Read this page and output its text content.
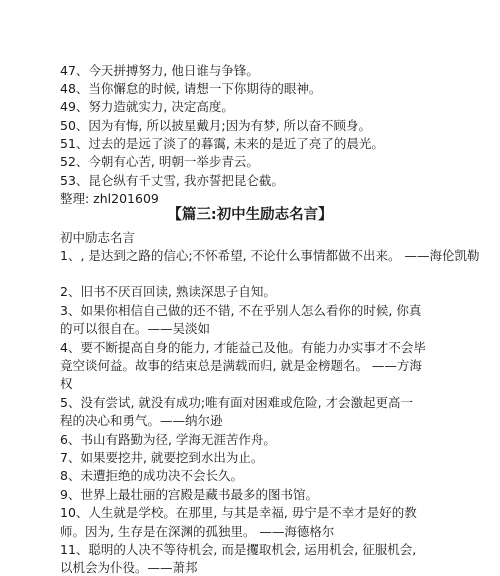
47、今天拼搏努力, 他日谁与争锋。
48、当你懈怠的时候, 请想一下你期待的眼神。
49、努力造就实力, 决定高度。
50、因为有悔, 所以披星戴月;因为有梦, 所以奋不顾身。
51、过去的是远了淡了的暮霭, 未来的是近了亮了的晨光。
52、今朝有心苦, 明朝一举步青云。
53、昆仑纵有千丈雪, 我亦誓把昆仑截。
整理: zhl201609
【篇三:初中生励志名言】
初中励志名言
1、, 是达到之路的信心;不怀希望, 不论什么事情都做不出来。 ——海伦凯勒
2、旧书不厌百回读, 熟读深思子自知。
3、如果你相信自己做的还不错, 不在乎别人怎么看你的时候, 你真
的可以很自在。——吴淡如
4、要不断提高自身的能力, 才能益己及他。有能力办实事才不会毕
竟空谈何益。故事的结束总是满载而归, 就是金榜题名。 ——方海
权
5、没有尝试, 就没有成功;唯有面对困难或危险, 才会激起更高一
程的决心和勇气。——纳尔逊
6、书山有路勤为径, 学海无涯苦作舟。
7、如果要挖井, 就要挖到水出为止。
8、未遭拒绝的成功决不会长久。
9、世界上最壮丽的宫殿是藏书最多的图书馆。
10、人生就是学校。在那里, 与其是幸福, 毋宁是不幸才是好的教
师。因为, 生存是在深渊的孤独里。 ——海德格尔
11、聪明的人决不等待机会, 而是攫取机会, 运用机会, 征服机会,
以机会为仆役。——萧邦
